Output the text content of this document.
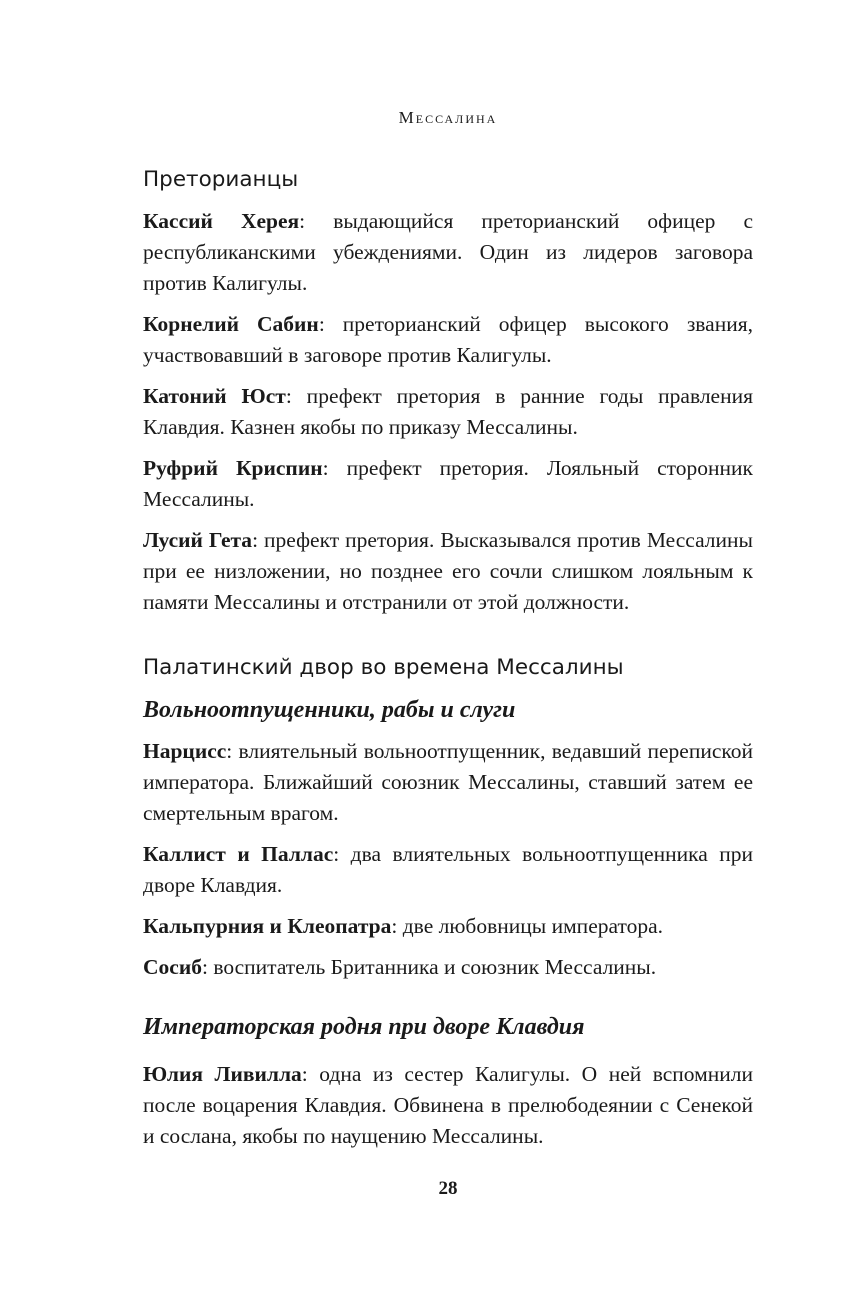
Мессалина
Преторианцы

Кассий Херея: выдающийся преторианский офицер с республиканскими убеждениями. Один из лидеров заговора против Калигулы.

Корнелий Сабин: преторианский офицер высокого звания, участвовавший в заговоре против Калигулы.

Катоний Юст: префект претория в ранние годы правления Клавдия. Казнен якобы по приказу Мессалины.

Руфрий Криспин: префект претория. Лояльный сторонник Мессалины.

Лусий Гета: префект претория. Высказывался против Мессалины при ее низложении, но позднее его сочли слишком лояльным к памяти Мессалины и отстранили от этой должности.

Палатинский двор во времена Мессалины
Вольноотпущенники, рабы и слуги

Нарцисс: влиятельный вольноотпущенник, ведавший перепиской императора. Ближайший союзник Мессалины, ставший затем ее смертельным врагом.

Каллист и Паллас: два влиятельных вольноотпущенника при дворе Клавдия.

Кальпурния и Клеопатра: две любовницы императора.

Сосиб: воспитатель Британника и союзник Мессалины.

Императорская родня при дворе Клавдия

Юлия Ливилла: одна из сестер Калигулы. О ней вспомнили после воцарения Клавдия. Обвинена в прелюбодеянии с Сенекой и сослана, якобы по наущению Мессалины.

28
